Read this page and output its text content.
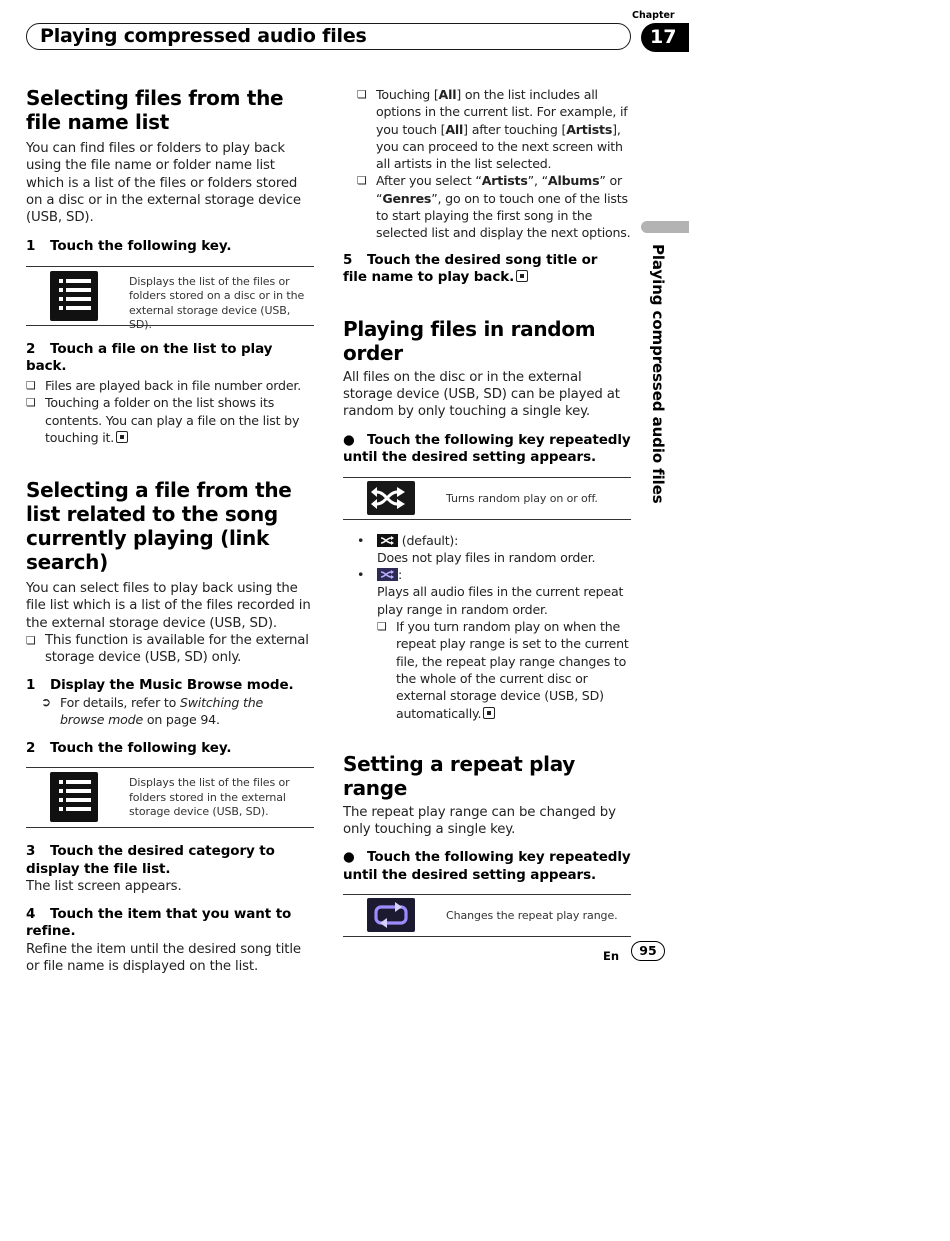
Playing compressed audio files
Chapter
17
Playing compressed audio files
Selecting files from the file name list
You can find files or folders to play back using the file name or folder name list which is a list of the files or folders stored on a disc or in the external storage device (USB, SD).
1 Touch the following key.
Displays the list of the files or folders stored on a disc or in the external storage device (USB, SD).
2 Touch a file on the list to play back.
❏ Files are played back in file number order.
❏ Touching a folder on the list shows its contents. You can play a file on the list by touching it.
Selecting a file from the list related to the song currently playing (link search)
You can select files to play back using the file list which is a list of the files recorded in the external storage device (USB, SD).
❏ This function is available for the external storage device (USB, SD) only.
1 Display the Music Browse mode.
➲ For details, refer to Switching the browse mode on page 94.
2 Touch the following key.
Displays the list of the files or folders stored in the external storage device (USB, SD).
3 Touch the desired category to display the file list.
The list screen appears.
4 Touch the item that you want to refine.
Refine the item until the desired song title or file name is displayed on the list.
❏ Touching [All] on the list includes all options in the current list. For example, if you touch [All] after touching [Artists], you can proceed to the next screen with all artists in the list selected.
❏ After you select “Artists”, “Albums” or “Genres”, go on to touch one of the lists to start playing the first song in the selected list and display the next options.
5 Touch the desired song title or file name to play back.
Playing files in random order
All files on the disc or in the external storage device (USB, SD) can be played at random by only touching a single key.
● Touch the following key repeatedly until the desired setting appears.
Turns random play on or off.
•	(default):
Does not play files in random order.
•	:
Plays all audio files in the current repeat play range in random order.
❏ If you turn random play on when the repeat play range is set to the current file, the repeat play range changes to the whole of the current disc or external storage device (USB, SD) automatically.
Setting a repeat play range
The repeat play range can be changed by only touching a single key.
● Touch the following key repeatedly until the desired setting appears.
Changes the repeat play range.
En	95
